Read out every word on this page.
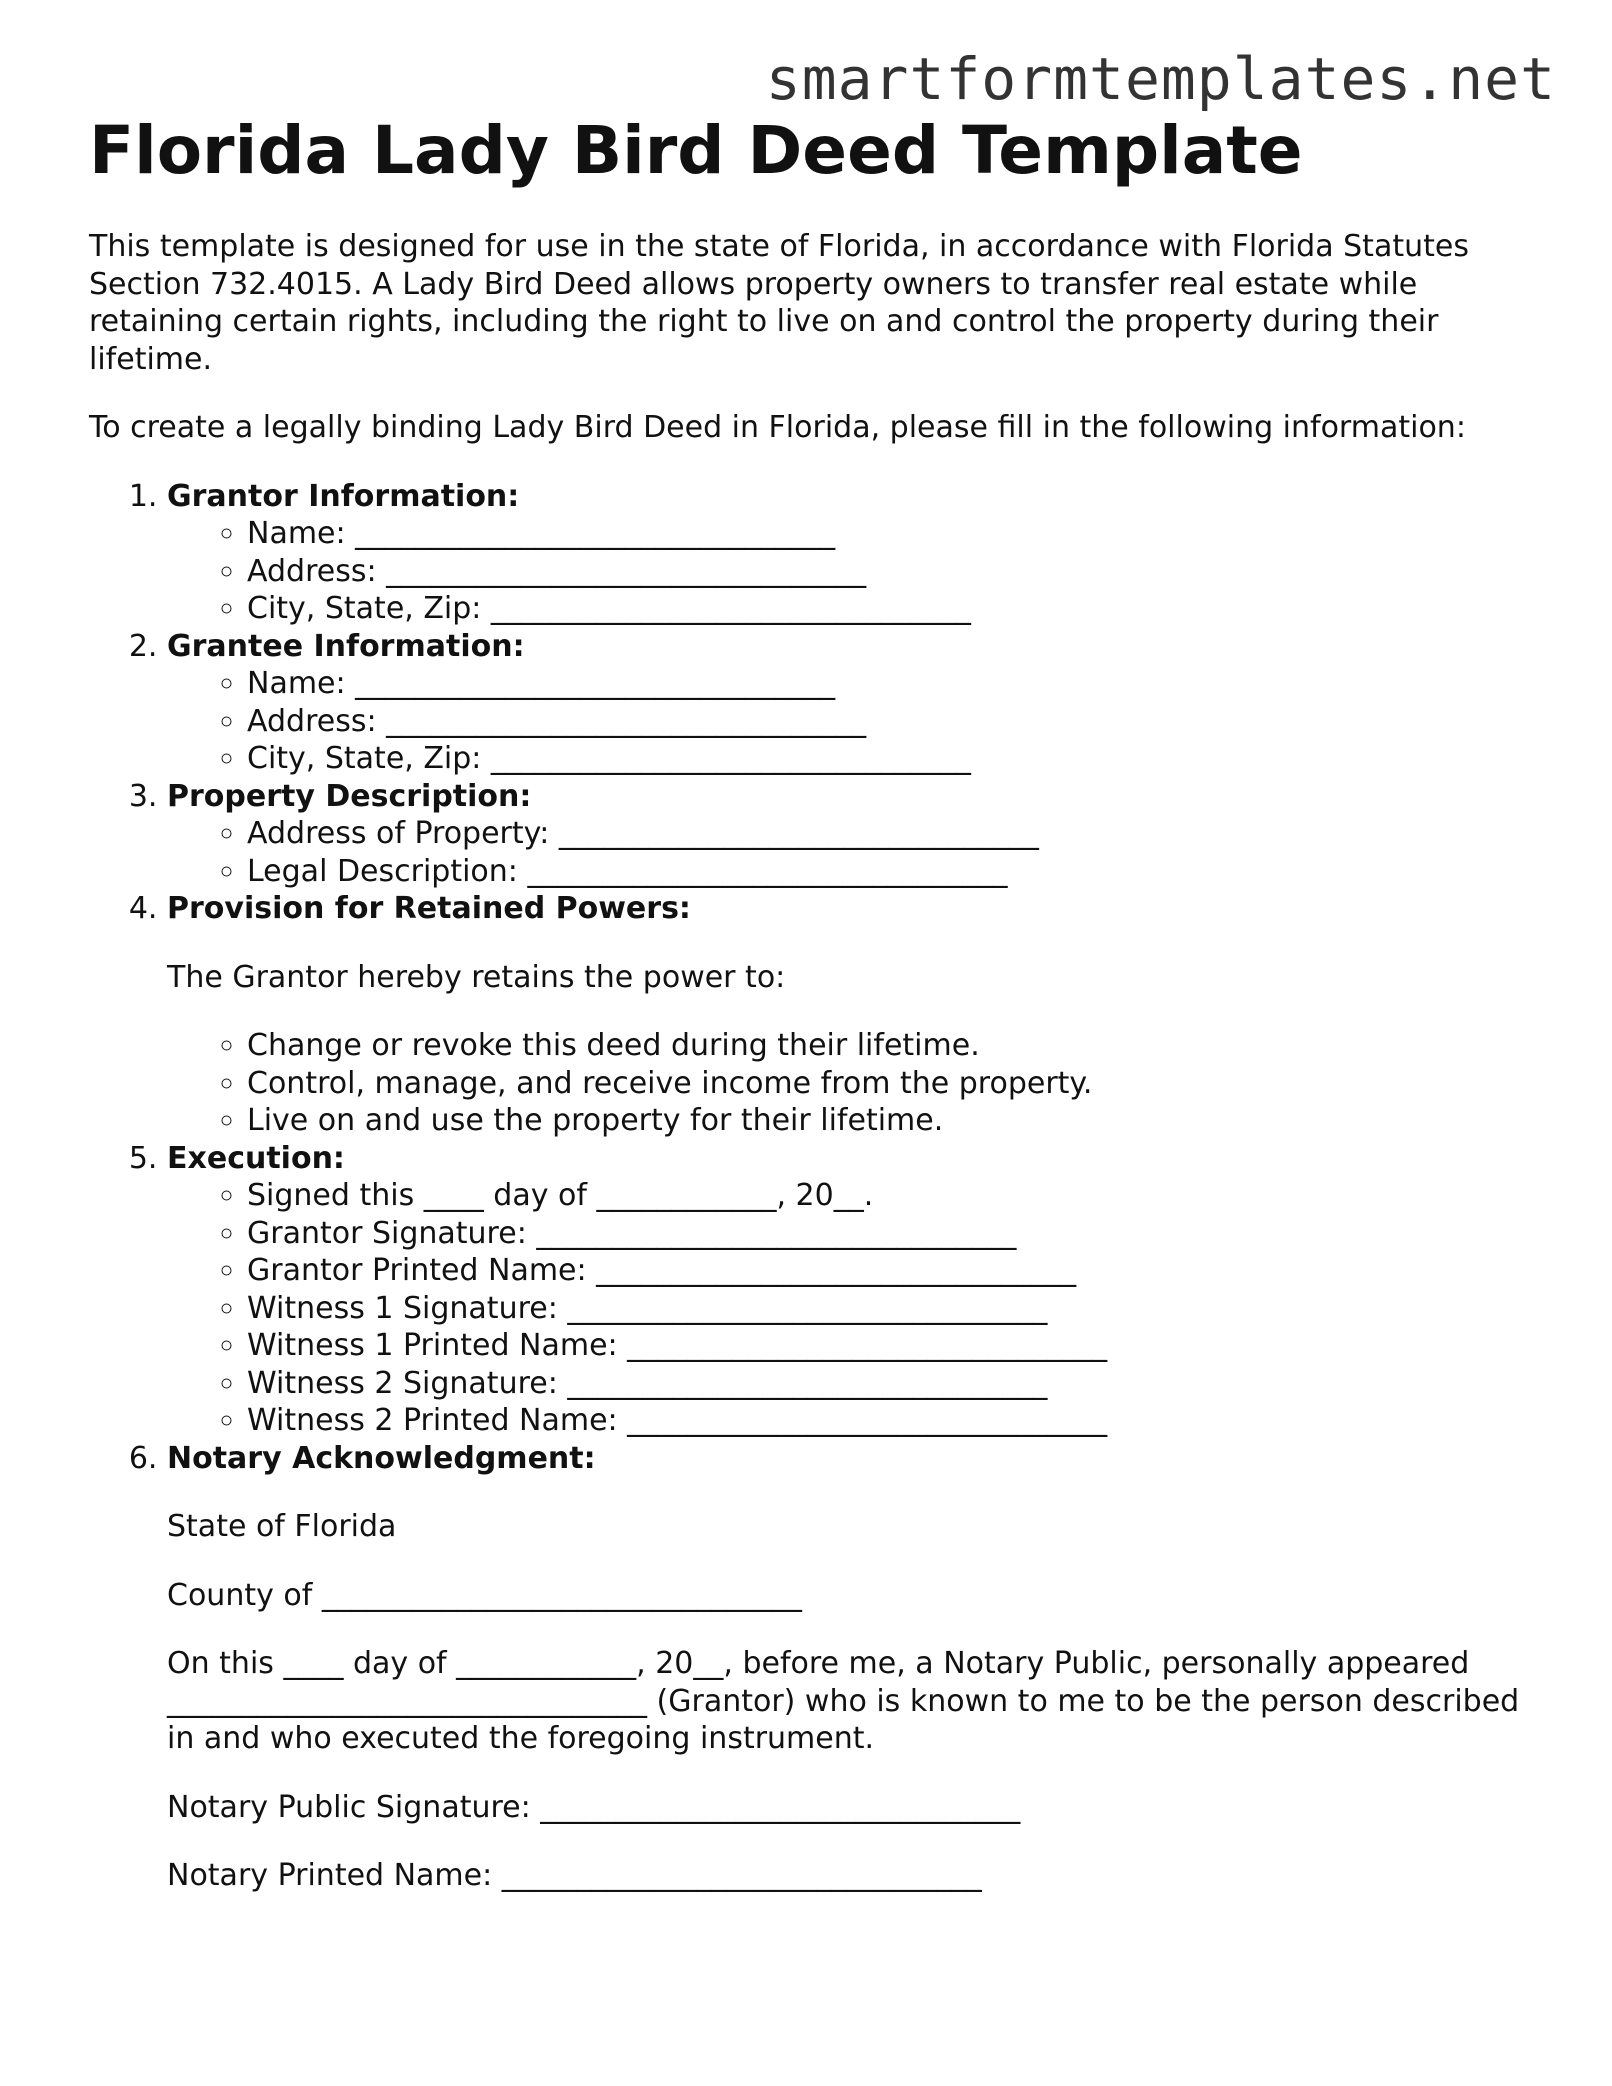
smartformtemplates.net
Florida Lady Bird Deed Template

This template is designed for use in the state of Florida, in accordance with Florida Statutes Section 732.4015. A Lady Bird Deed allows property owners to transfer real estate while retaining certain rights, including the right to live on and control the property during their lifetime.

To create a legally binding Lady Bird Deed in Florida, please fill in the following information:

1. Grantor Information:
◦ Name: ________________________________
◦ Address: ________________________________
◦ City, State, Zip: ________________________________
2. Grantee Information:
◦ Name: ________________________________
◦ Address: ________________________________
◦ City, State, Zip: ________________________________
3. Property Description:
◦ Address of Property: ________________________________
◦ Legal Description: ________________________________
4. Provision for Retained Powers:
The Grantor hereby retains the power to:
◦ Change or revoke this deed during their lifetime.
◦ Control, manage, and receive income from the property.
◦ Live on and use the property for their lifetime.
5. Execution:
◦ Signed this ____ day of ____________, 20__.
◦ Grantor Signature: ________________________________
◦ Grantor Printed Name: ________________________________
◦ Witness 1 Signature: ________________________________
◦ Witness 1 Printed Name: ________________________________
◦ Witness 2 Signature: ________________________________
◦ Witness 2 Printed Name: ________________________________
6. Notary Acknowledgment:
State of Florida
County of ________________________________
On this ____ day of ____________, 20__, before me, a Notary Public, personally appeared ________________________________ (Grantor) who is known to me to be the person described in and who executed the foregoing instrument.
Notary Public Signature: ________________________________
Notary Printed Name: ________________________________
